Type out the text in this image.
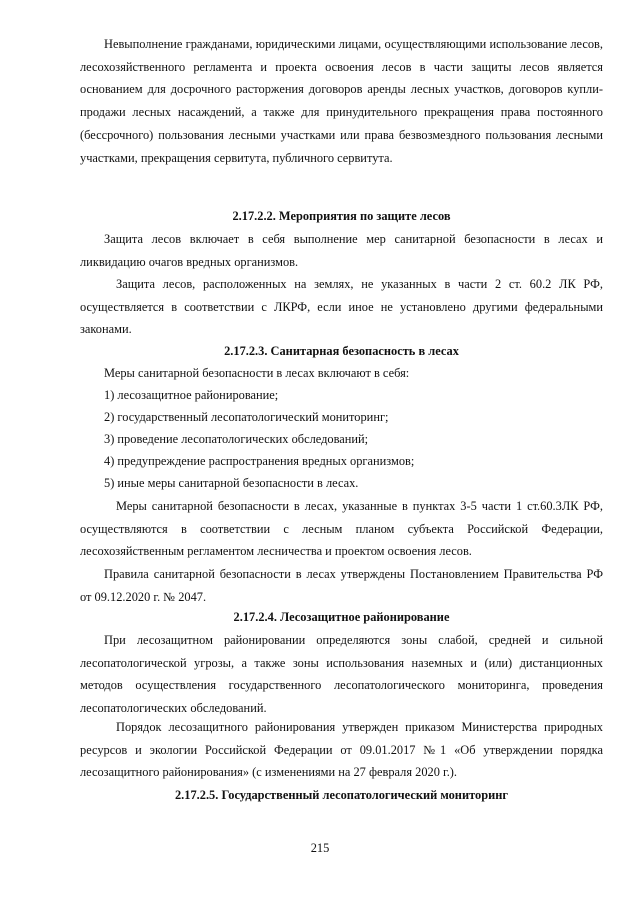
Невыполнение гражданами, юридическими лицами, осуществляющими использование лесов, лесохозяйственного регламента и проекта освоения лесов в части защиты лесов является основанием для досрочного расторжения договоров аренды лесных участков, договоров купли-продажи лесных насаждений, а также для принудительного прекращения права постоянного (бессрочного) пользования лесными участками или права безвозмездного пользования лесными участками, прекращения сервитута, публичного сервитута.

2.17.2.2. Мероприятия по защите лесов

Защита лесов включает в себя выполнение мер санитарной безопасности в лесах и ликвидацию очагов вредных организмов.

Защита лесов, расположенных на землях, не указанных в части 2 ст. 60.2 ЛК РФ, осуществляется в соответствии с ЛКРФ, если иное не установлено другими федеральными законами.

2.17.2.3. Санитарная безопасность в лесах

Меры санитарной безопасности в лесах включают в себя:

1) лесозащитное районирование;

2) государственный лесопатологический мониторинг;

3) проведение лесопатологических обследований;

4) предупреждение распространения вредных организмов;

5) иные меры санитарной безопасности в лесах.

Меры санитарной безопасности в лесах, указанные в пунктах 3-5 части 1 ст.60.3ЛК РФ, осуществляются в соответствии с лесным планом субъекта Российской Федерации, лесохозяйственным регламентом лесничества и проектом освоения лесов.

Правила санитарной безопасности в лесах утверждены Постановлением Правительства РФ от 09.12.2020 г. № 2047.

2.17.2.4. Лесозащитное районирование

При лесозащитном районировании определяются зоны слабой, средней и сильной лесопатологической угрозы, а также зоны использования наземных и (или) дистанционных методов осуществления государственного лесопатологического мониторинга, проведения лесопатологических обследований.

Порядок лесозащитного районирования утвержден приказом Министерства природных ресурсов и экологии Российской Федерации от 09.01.2017 №1 «Об утверждении порядка лесозащитного районирования» (с изменениями на 27 февраля 2020 г.).

2.17.2.5. Государственный лесопатологический мониторинг

215
